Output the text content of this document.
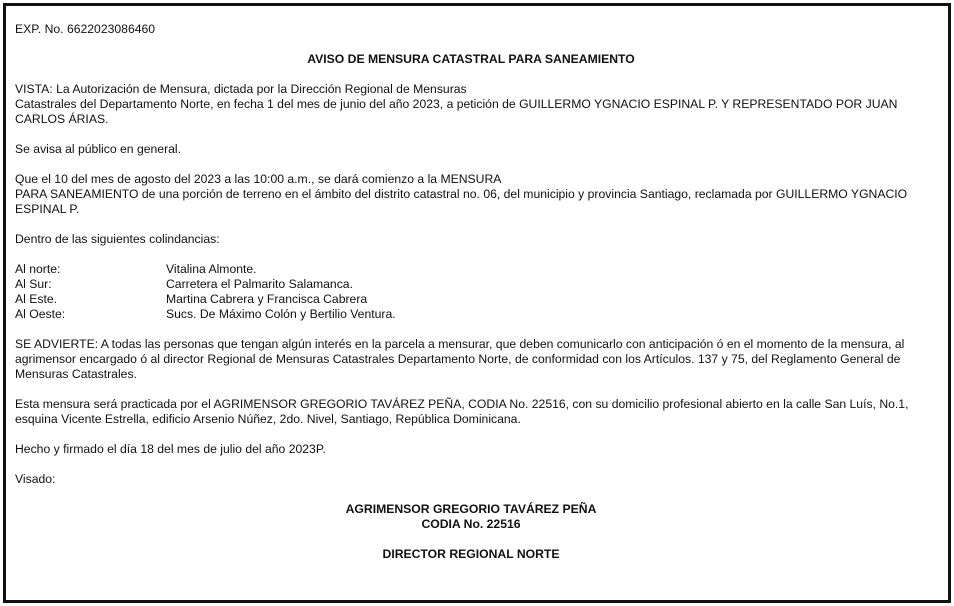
EXP. No. 6622023086460

AVISO DE MENSURA CATASTRAL PARA SANEAMIENTO

VISTA: La Autorización de Mensura, dictada por la Dirección Regional de Mensuras
Catastrales del Departamento Norte, en fecha 1 del mes de junio del año 2023, a petición de GUILLERMO YGNACIO ESPINAL P. Y REPRESENTADO POR JUAN CARLOS ÁRIAS.

Se avisa al público en general.

Que el 10 del mes de agosto del 2023 a las 10:00 a.m., se dará comienzo a la MENSURA
PARA SANEAMIENTO de una porción de terreno en el ámbito del distrito catastral no. 06, del municipio y provincia Santiago, reclamada por GUILLERMO YGNACIO ESPINAL P.

Dentro de las siguientes colindancias:

Al norte:	Vitalina Almonte.
Al Sur:	Carretera el Palmarito Salamanca.
Al Este.	Martina Cabrera y Francisca Cabrera
Al Oeste:	Sucs. De Máximo Colón y Bertilio Ventura.

SE ADVIERTE: A todas las personas que tengan algún interés en la parcela a mensurar, que deben comunicarlo con anticipación ó en el momento de la mensura, al agrimensor encargado ó al director Regional de Mensuras Catastrales Departamento Norte, de conformidad con los Artículos. 137 y 75, del Reglamento General de Mensuras Catastrales.

Esta mensura será practicada por el AGRIMENSOR GREGORIO TAVÁREZ PEÑA, CODIA No. 22516, con su domicilio profesional abierto en la calle San Luís, No.1, esquina Vicente Estrella, edificio Arsenio Núñez, 2do. Nivel, Santiago, República Dominicana.

Hecho y firmado el día 18 del mes de julio del año 2023P.

Visado:

AGRIMENSOR GREGORIO TAVÁREZ PEÑA
CODIA No. 22516

DIRECTOR REGIONAL NORTE
